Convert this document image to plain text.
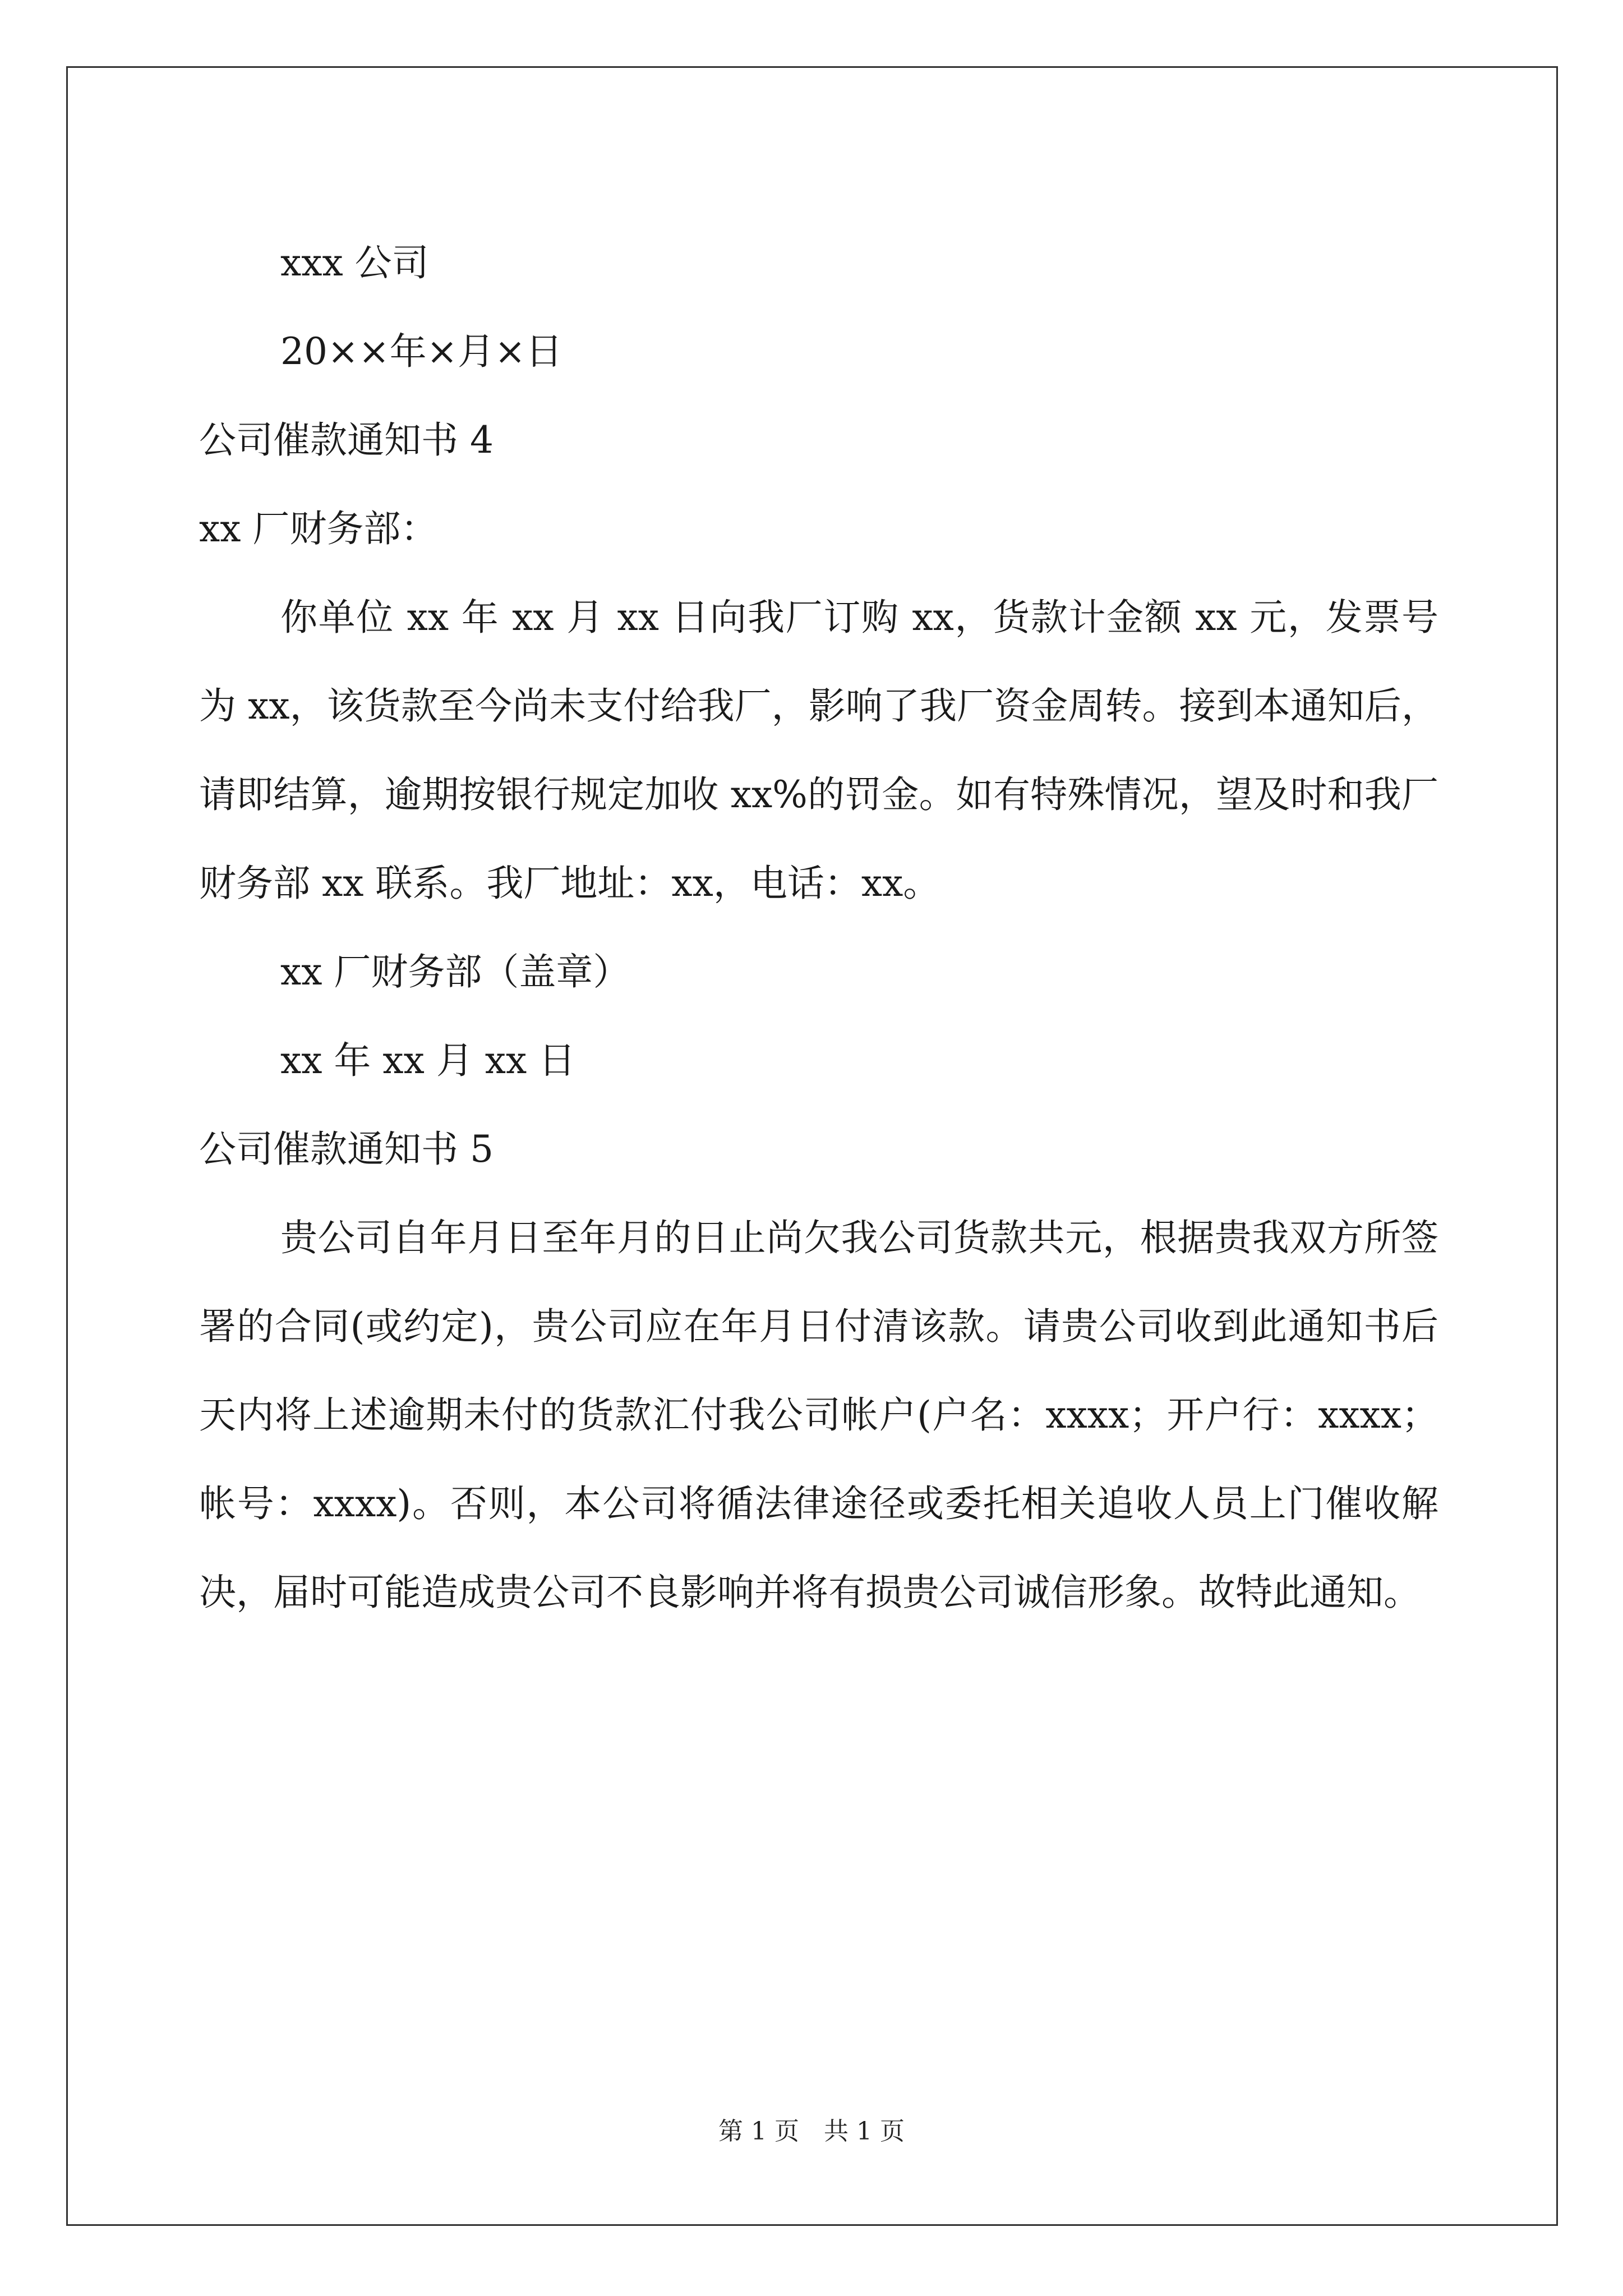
xxx 公司

20××年×月×日

公司催款通知书 4

xx 厂财务部：

你单位 xx 年 xx 月 xx 日向我厂订购 xx，货款计金额 xx 元，发票号为 xx，该货款至今尚未支付给我厂，影响了我厂资金周转。接到本通知后，请即结算，逾期按银行规定加收 xx%的罚金。如有特殊情况，望及时和我厂财务部 xx 联系。我厂地址：xx，电话：xx。

xx 厂财务部（盖章）

xx 年 xx 月 xx 日

公司催款通知书 5

贵公司自年月日至年月的日止尚欠我公司货款共元，根据贵我双方所签署的合同(或约定)，贵公司应在年月日付清该款。请贵公司收到此通知书后天内将上述逾期未付的货款汇付我公司帐户(户名：xxxx；开户行：xxxx；帐号：xxxx)。否则，本公司将循法律途径或委托相关追收人员上门催收解决，届时可能造成贵公司不良影响并将有损贵公司诚信形象。故特此通知。

第 1 页　共 1 页
